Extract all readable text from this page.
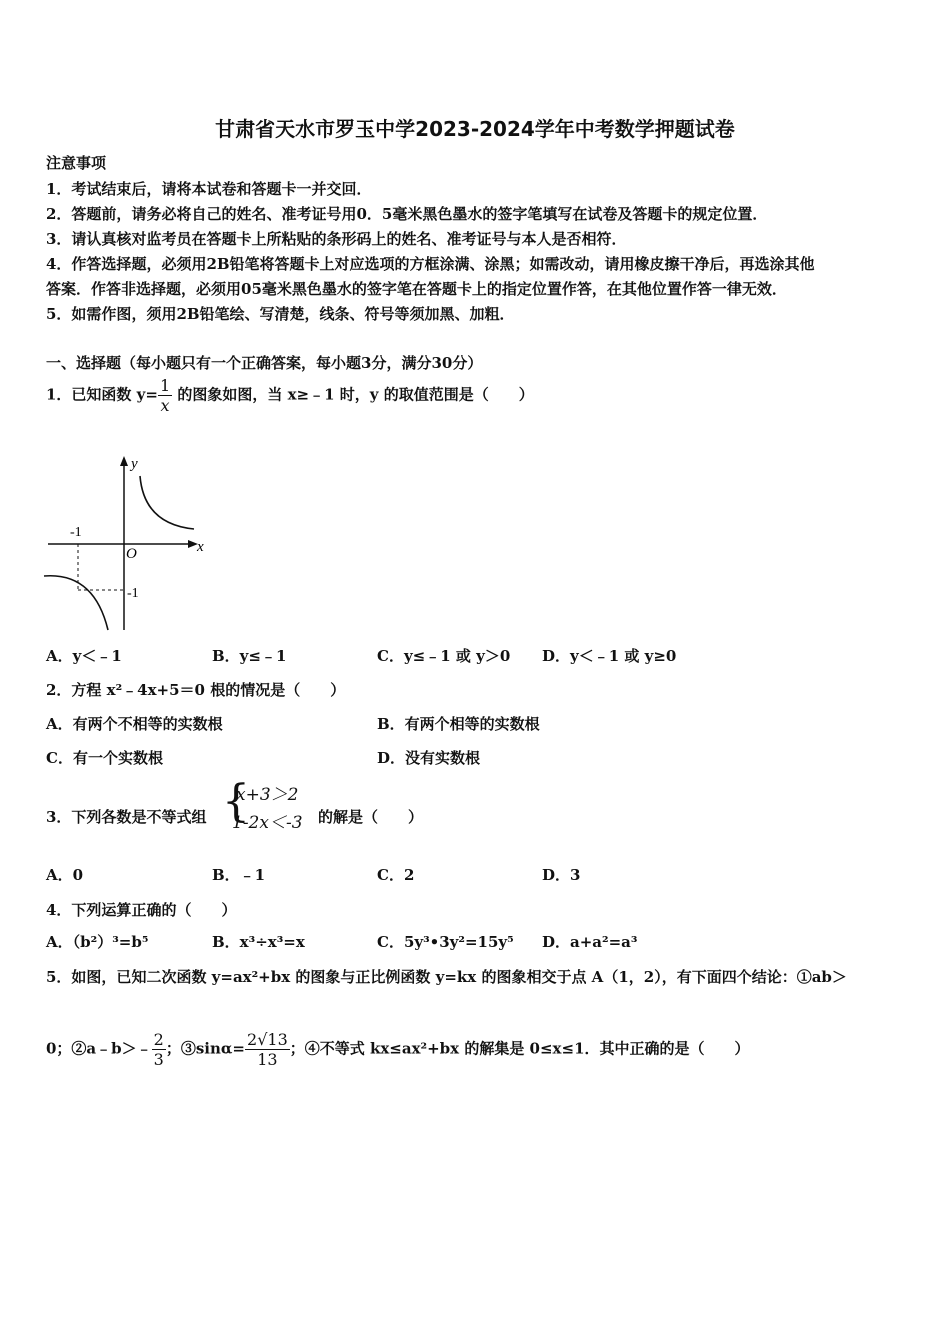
甘肃省天水市罗玉中学2023-2024学年中考数学押题试卷
注意事项
1．考试结束后，请将本试卷和答题卡一并交回．
2．答题前，请务必将自己的姓名、准考证号用0．5毫米黑色墨水的签字笔填写在试卷及答题卡的规定位置．
3．请认真核对监考员在答题卡上所粘贴的条形码上的姓名、准考证号与本人是否相符．
4．作答选择题，必须用2B铅笔将答题卡上对应选项的方框涂满、涂黑；如需改动，请用橡皮擦干净后，再选涂其他
答案．作答非选择题，必须用05毫米黑色墨水的签字笔在答题卡上的指定位置作答，在其他位置作答一律无效．
5．如需作图，须用2B铅笔绘、写清楚，线条、符号等须加黑、加粗．
一、选择题（每小题只有一个正确答案，每小题3分，满分30分）
1．已知函数 $y= \frac{1}{x}$ 的图象如图，当 x≥﹣1 时，y 的取值范围是（　　）
y
x
O
-1
-1
A．y＜﹣1	B．y≤﹣1	C．y≤﹣1 或 y＞0 D．y＜﹣1 或 y≥0
2．方程 x²﹣4x+5＝0 根的情况是（　　）
A．有两个不相等的实数根	B．有两个相等的实数根
C．有一个实数根	D．没有实数根
3．下列各数是不等式组 {
x+3＞2
1-2x＜-3 的解是（　　）
A．0	B．﹣1	C．2	D．3
4．下列运算正确的（　　）
A．（b²）³=b⁵	B．x³÷x³=x	C．5y³•3y²=15y⁵ D．a+a²=a³
5．如图，已知二次函数 y=ax²+bx 的图象与正比例函数 y=kx 的图象相交于点 A（1，2），有下面四个结论：①ab＞
0；②a﹣b＞﹣ $\frac{2}{3}$ ；③sinα= $\frac{2√13}{13}$ ；④不等式 kx≤ax²+bx 的解集是 0≤x≤1．其中正确的是（　　）
